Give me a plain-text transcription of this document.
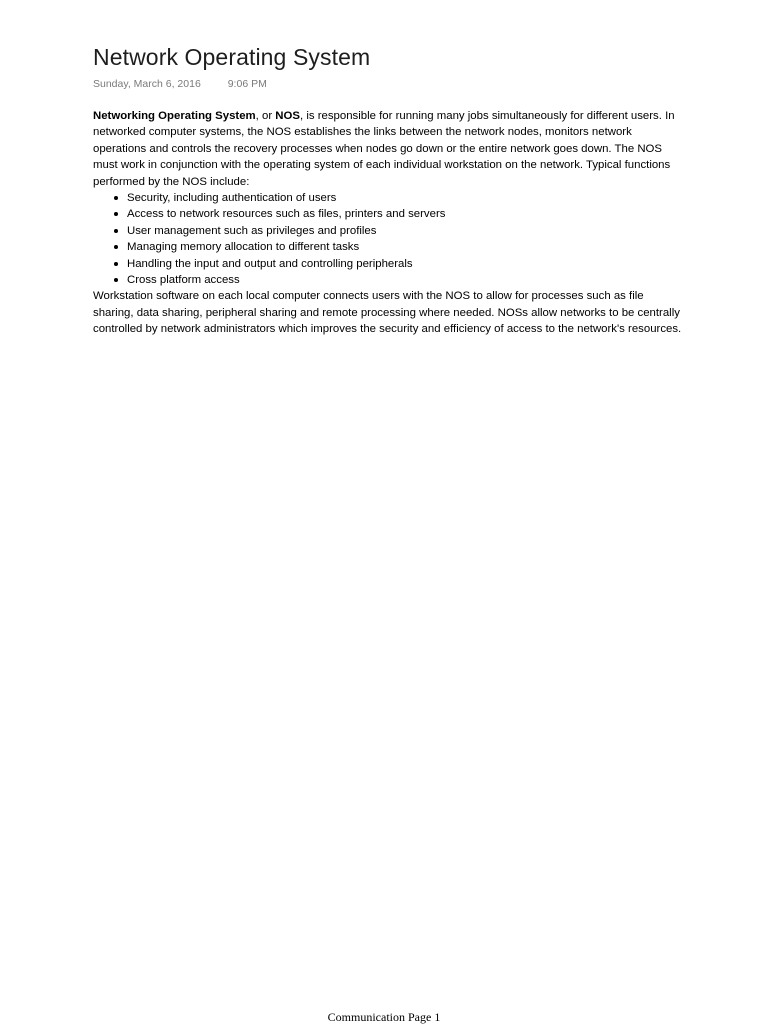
Network Operating System
Sunday, March 6, 2016	9:06 PM

Networking Operating System, or NOS, is responsible for running many jobs simultaneously for different users. In networked computer systems, the NOS establishes the links between the network nodes, monitors network operations and controls the recovery processes when nodes go down or the entire network goes down. The NOS must work in conjunction with the operating system of each individual workstation on the network. Typical functions performed by the NOS include:

Security, including authentication of users
Access to network resources such as files, printers and servers
User management such as privileges and profiles
Managing memory allocation to different tasks
Handling the input and output and controlling peripherals
Cross platform access

Workstation software on each local computer connects users with the NOS to allow for processes such as file sharing, data sharing, peripheral sharing and remote processing where needed. NOSs allow networks to be centrally controlled by network administrators which improves the security and efficiency of access to the network's resources.

Communication Page 1
